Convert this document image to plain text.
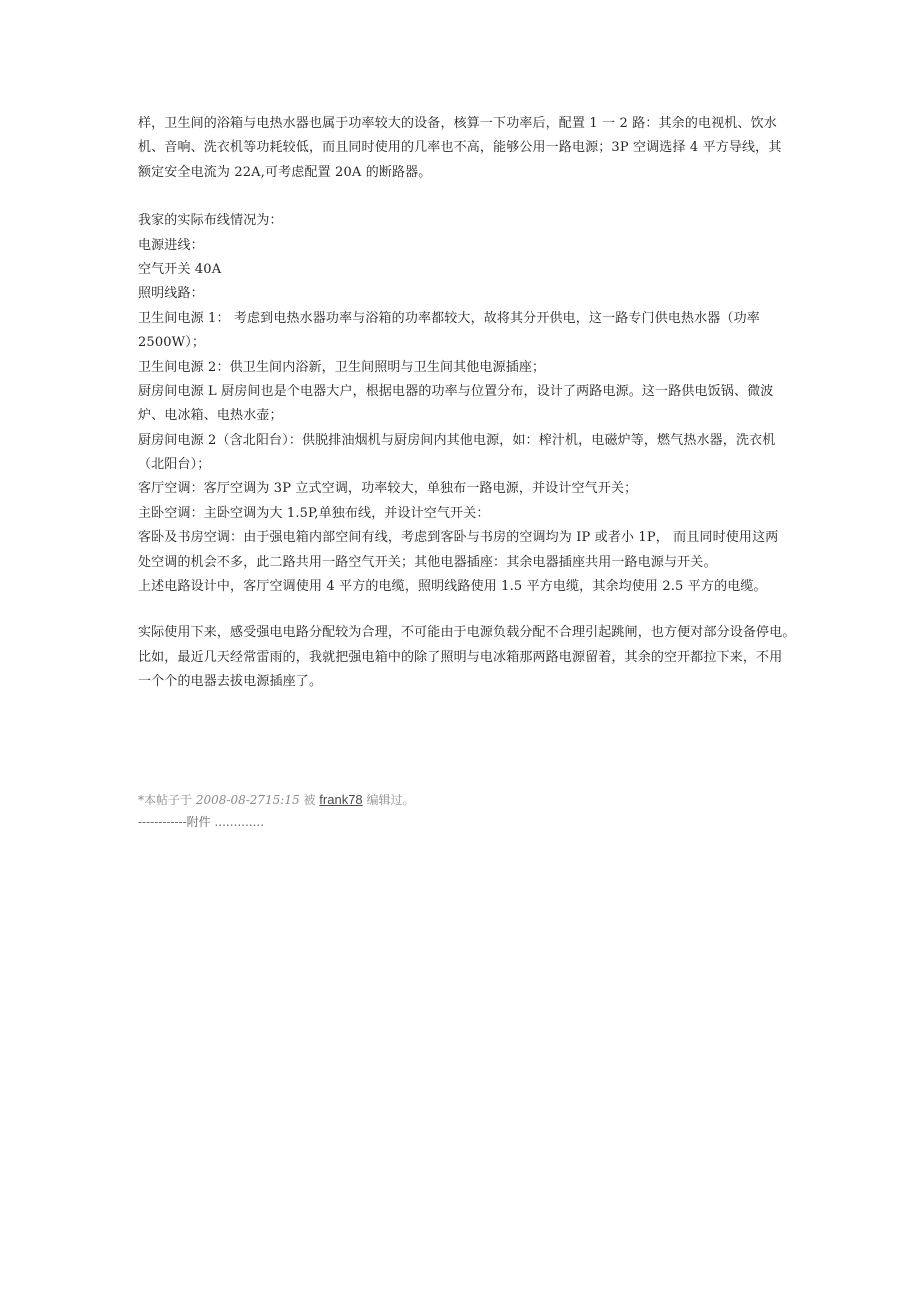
样，卫生间的浴箱与电热水器也属于功率较大的设备，核算一下功率后，配置 1 一 2 路：其余的电视机、饮水
机、音响、洗衣机等功耗较低，而且同时使用的几率也不高，能够公用一路电源；3P 空调选择 4 平方导线，其
额定安全电流为 22A,可考虑配置 20A 的断路器。
我家的实际布线情况为：
电源进线：
空气开关 40A
照明线路：
卫生间电源 1： 考虑到电热水器功率与浴箱的功率都较大，故将其分开供电，这一路专门供电热水器（功率
2500W）；
卫生间电源 2：供卫生间内浴新，卫生间照明与卫生间其他电源插座；
厨房间电源 L 厨房间也是个电器大户，根据电器的功率与位置分布，设计了两路电源。这一路供电饭锅、微波
炉、电冰箱、电热水壶；
厨房间电源 2（含北阳台）：供脱排油烟机与厨房间内其他电源，如：榨汁机，电磁炉等，燃气热水器，洗衣机
（北阳台）；
客厅空调：客厅空调为 3P 立式空调，功率较大，单独布一路电源，并设计空气开关；
主卧空调：主卧空调为大 1.5P,单独布线，并设计空气开关：
客卧及书房空调：由于强电箱内部空间有线，考虑到客卧与书房的空调均为 IP 或者小 1P， 而且同时使用这两
处空调的机会不多，此二路共用一路空气开关；其他电器插座：其余电器插座共用一路电源与开关。
上述电路设计中，客厅空调使用 4 平方的电缆，照明线路使用 1.5 平方电缆，其余均使用 2.5 平方的电缆。
实际使用下来，感受强电电路分配较为合理，不可能由于电源负载分配不合理引起跳闸，也方便对部分设备停电。
比如，最近几天经常雷雨的，我就把强电箱中的除了照明与电冰箱那两路电源留着，其余的空开都拉下来，不用
一个个的电器去拔电源插座了。
*本帖子于 2008-08-2715:15 被 frank78 编辑过。
------------附件 .............
